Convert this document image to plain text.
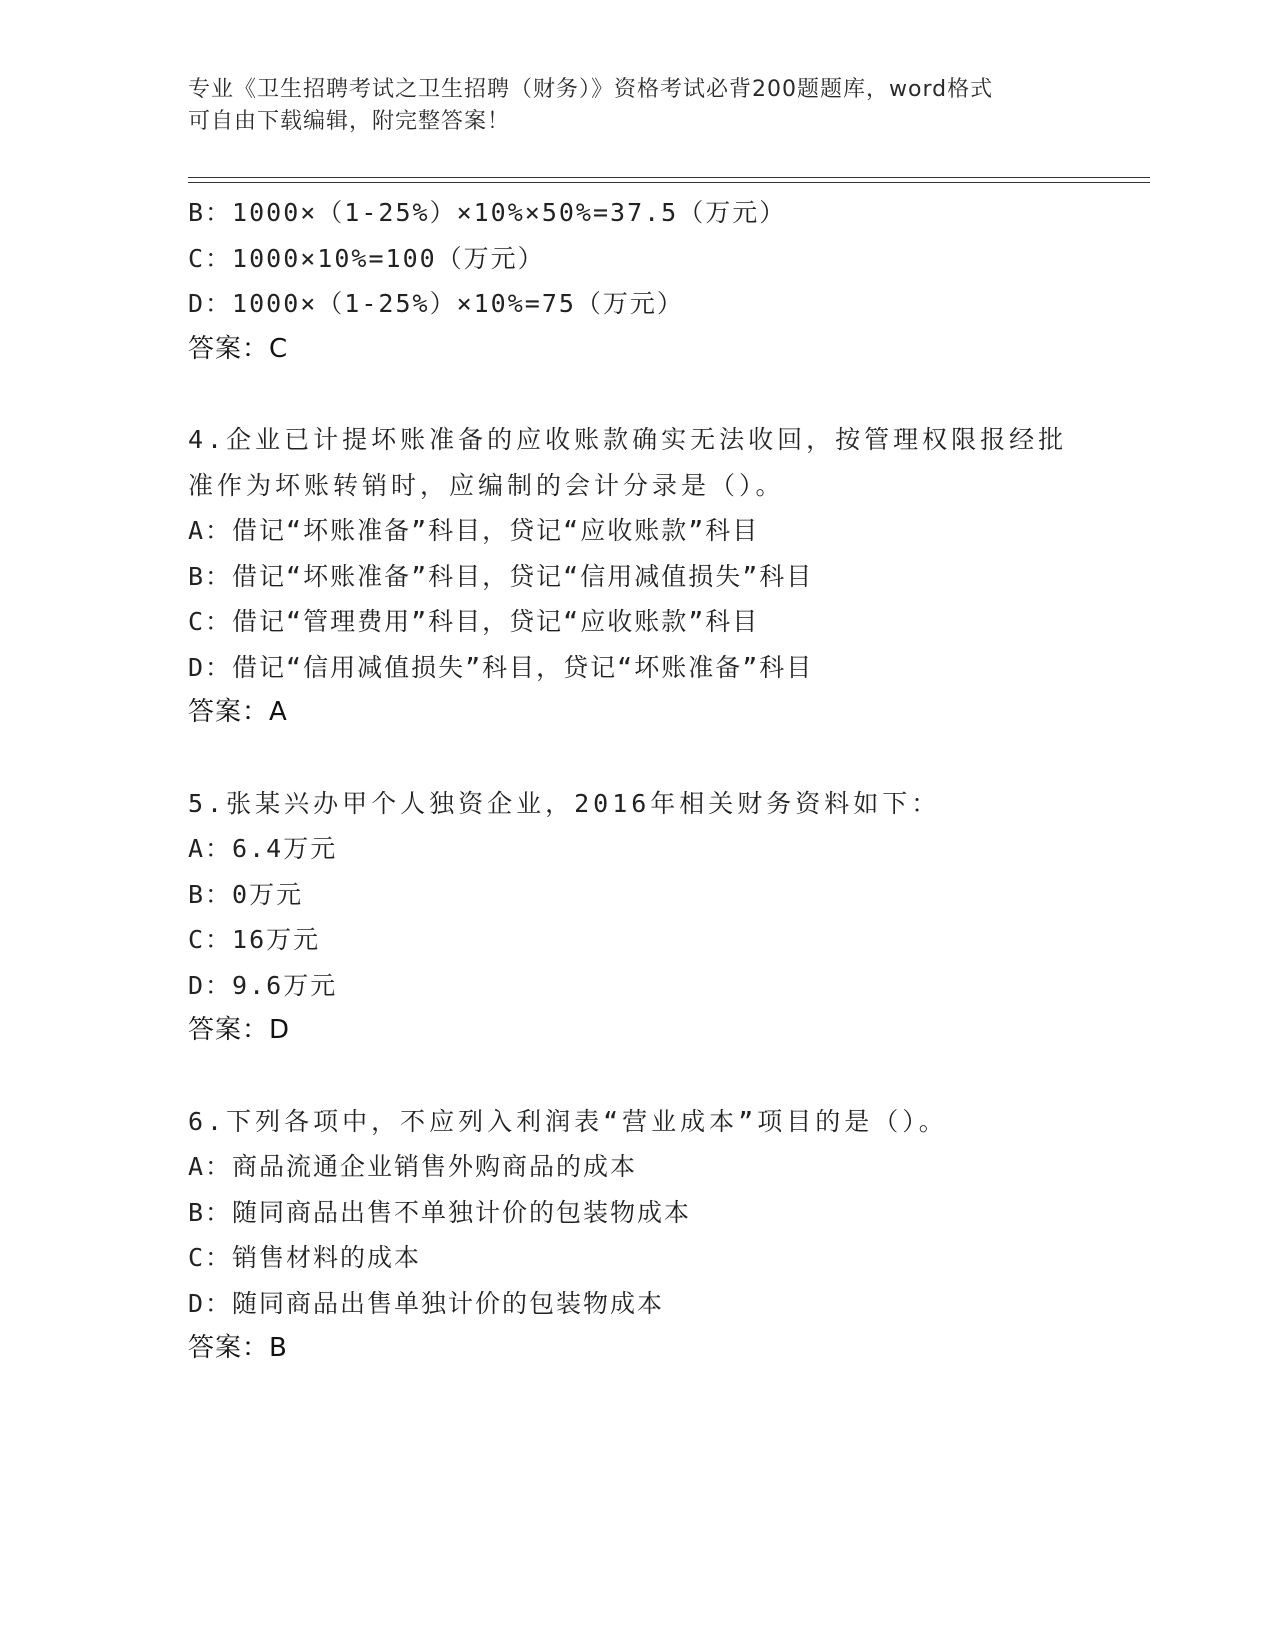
专业《卫生招聘考试之卫生招聘（财务）》资格考试必背200题题库，word格式
可自由下载编辑，附完整答案！
B：1000×（1-25%）×10%×50%=37.5（万元）
C：1000×10%=100（万元）
D：1000×（1-25%）×10%=75（万元）
答案：C
4.企业已计提坏账准备的应收账款确实无法收回，按管理权限报经批
准作为坏账转销时，应编制的会计分录是（）。
A：借记“坏账准备”科目，贷记“应收账款”科目
B：借记“坏账准备”科目，贷记“信用减值损失”科目
C：借记“管理费用”科目，贷记“应收账款”科目
D：借记“信用减值损失”科目，贷记“坏账准备”科目
答案：A
5.张某兴办甲个人独资企业，2016年相关财务资料如下：
A：6.4万元
B：0万元
C：16万元
D：9.6万元
答案：D
6.下列各项中，不应列入利润表“营业成本”项目的是（）。
A：商品流通企业销售外购商品的成本
B：随同商品出售不单独计价的包装物成本
C：销售材料的成本
D：随同商品出售单独计价的包装物成本
答案：B
